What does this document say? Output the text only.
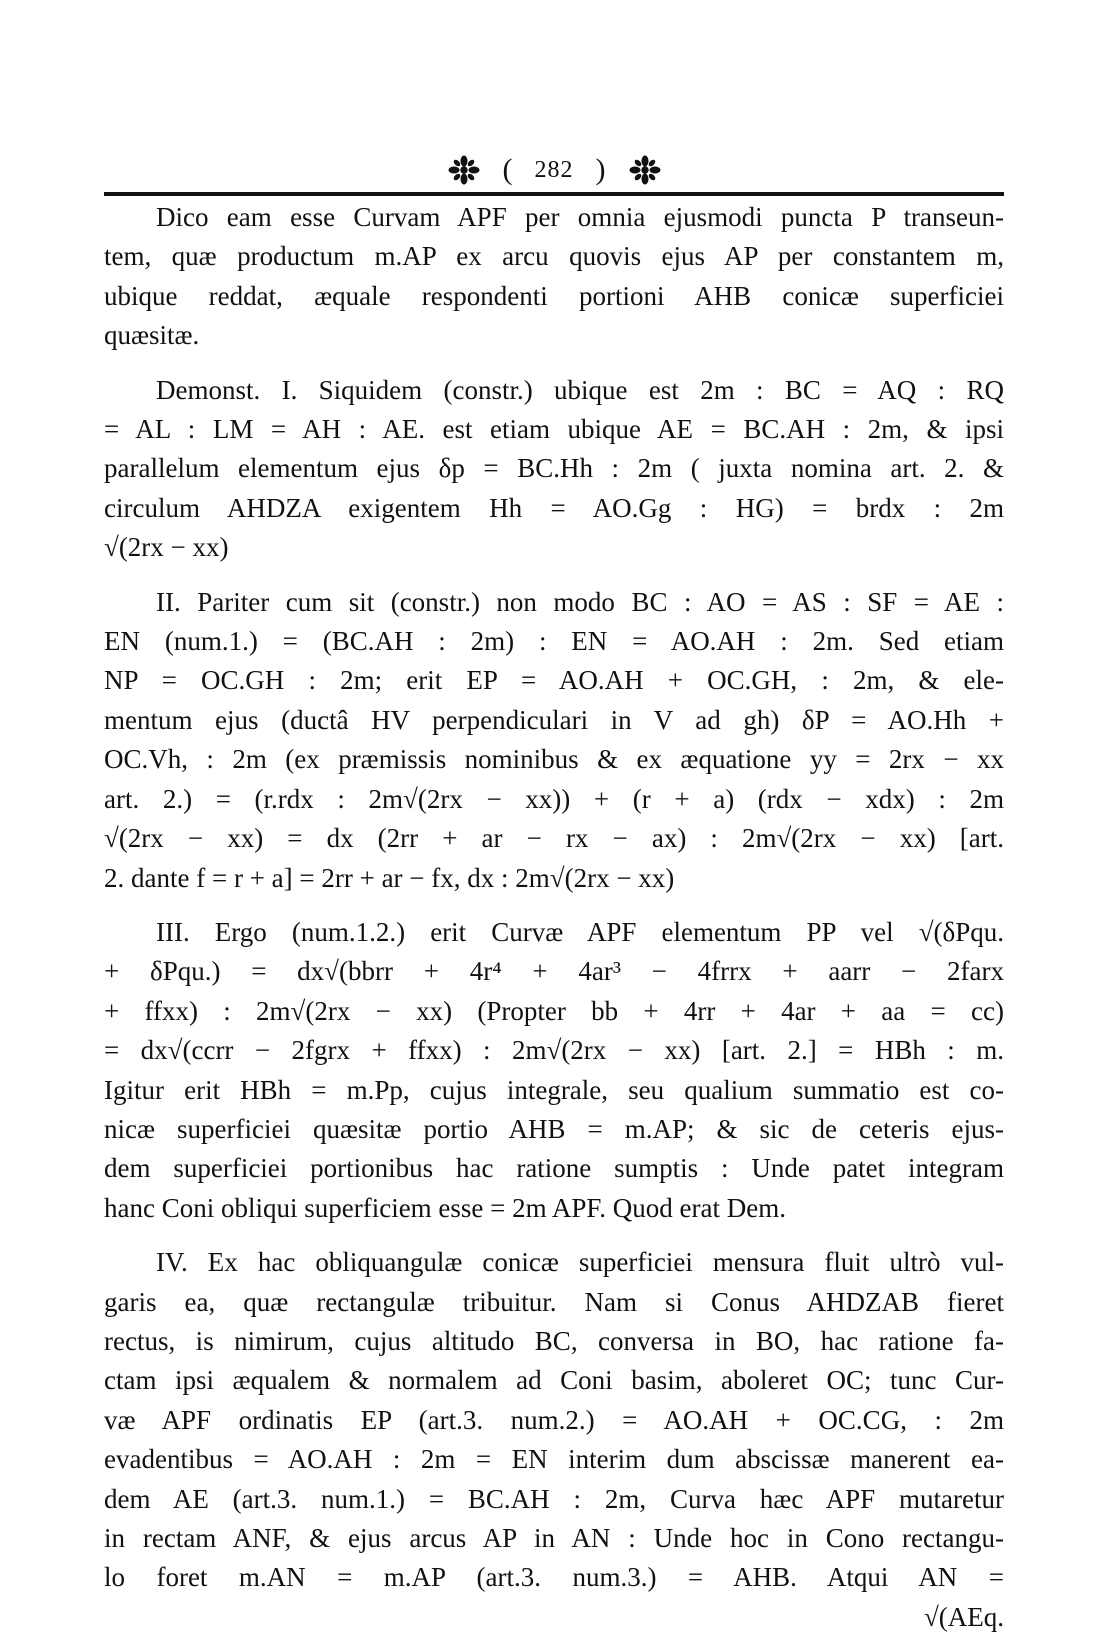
( 282 )
Dico eam esse Curvam APF per omnia ejusmodi puncta P transeun-
tem, quæ productum m.AP ex arcu quovis ejus AP per constantem m,
ubique reddat, æquale respondenti portioni AHB conicæ superficiei
quæsitæ.
Demonst. I. Siquidem (constr.) ubique est 2m : BC = AQ : RQ
= AL : LM = AH : AE. est etiam ubique AE = BC.AH : 2m, & ipsi
parallelum elementum ejus δp = BC.Hh : 2m ( juxta nomina art. 2. &
circulum AHDZA exigentem Hh = AO.Gg : HG) = brdx : 2m
√(2rx − xx)
II. Pariter cum sit (constr.) non modo BC : AO = AS : SF = AE :
EN (num.1.) = (BC.AH : 2m) : EN = AO.AH : 2m. Sed etiam
NP = OC.GH : 2m; erit EP = AO.AH + OC.GH, : 2m, & ele-
mentum ejus (ductâ HV perpendiculari in V ad gh) δP = AO.Hh +
OC.Vh, : 2m (ex præmissis nominibus & ex æquatione yy = 2rx − xx
art. 2.) = (r.rdx : 2m√(2rx − xx)) + (r + a) (rdx − xdx) : 2m
√(2rx − xx) = dx (2rr + ar − rx − ax) : 2m√(2rx − xx) [art.
2. dante f = r + a] = 2rr + ar − fx, dx : 2m√(2rx − xx)
III. Ergo (num.1.2.) erit Curvæ APF elementum PP vel √(δPqu.
+ δPqu.) = dx√(bbrr + 4r⁴ + 4ar³ − 4frrx + aarr − 2farx
+ ffxx) : 2m√(2rx − xx) (Propter bb + 4rr + 4ar + aa = cc)
= dx√(ccrr − 2fgrx + ffxx) : 2m√(2rx − xx) [art. 2.] = HBh : m.
Igitur erit HBh = m.Pp, cujus integrale, seu qualium summatio est co-
nicæ superficiei quæsitæ portio AHB = m.AP; & sic de ceteris ejus-
dem superficiei portionibus hac ratione sumptis : Unde patet integram
hanc Coni obliqui superficiem esse = 2m APF. Quod erat Dem.
IV. Ex hac obliquangulæ conicæ superficiei mensura fluit ultrò vul-
garis ea, quæ rectangulæ tribuitur. Nam si Conus AHDZAB fieret
rectus, is nimirum, cujus altitudo BC, conversa in BO, hac ratione fa-
ctam ipsi æqualem & normalem ad Coni basim, aboleret OC; tunc Cur-
væ APF ordinatis EP (art.3. num.2.) = AO.AH + OC.CG, : 2m
evadentibus = AO.AH : 2m = EN interim dum abscissæ manerent ea-
dem AE (art.3. num.1.) = BC.AH : 2m, Curva hæc APF mutaretur
in rectam ANF, & ejus arcus AP in AN : Unde hoc in Cono rectangu-
lo foret m.AN = m.AP (art.3. num.3.) = AHB. Atqui AN =
√(AEq.
